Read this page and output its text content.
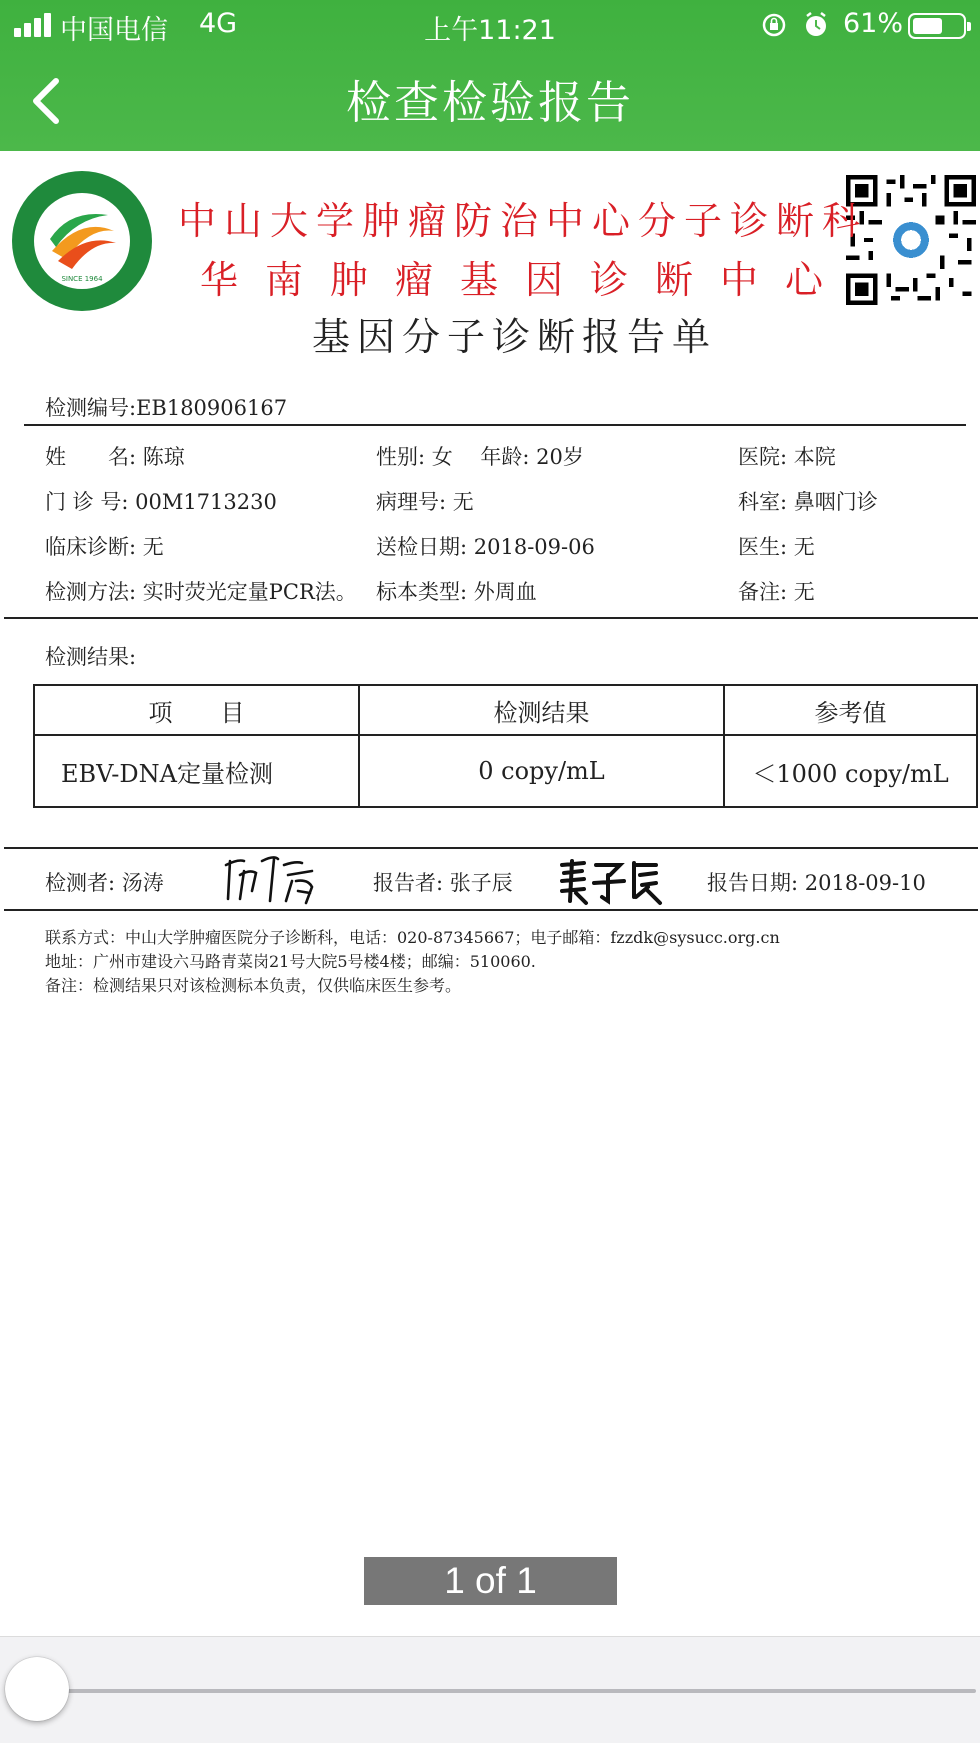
中国电信 4G	上午11:21	61%
检查检验报告
SINCE 1964
中山大学肿瘤防治中心分子诊断科
华南肿瘤基因诊断中心
基因分子诊断报告单
检测编号:EB180906167
姓　　名: 陈琼	性别: 女　 年龄: 20岁	医院: 本院
门 诊 号: 00M1713230	病理号: 无	科室: 鼻咽门诊
临床诊断: 无	送检日期: 2018-09-06	医生: 无
检测方法: 实时荧光定量PCR法。 标本类型: 外周血	备注: 无
检测结果:
项　　目	检测结果	参考值
EBV-DNA定量检测	0 copy/mL	＜1000 copy/mL
检测者: 汤涛	报告者: 张子辰	报告日期: 2018-09-10
联系方式：中山大学肿瘤医院分子诊断科，电话：020-87345667；电子邮箱：fzzdk@sysucc.org.cn
地址：广州市建设六马路青菜岗21号大院5号楼4楼；邮编：510060.
备注：检测结果只对该检测标本负责，仅供临床医生参考。
1 of 1
